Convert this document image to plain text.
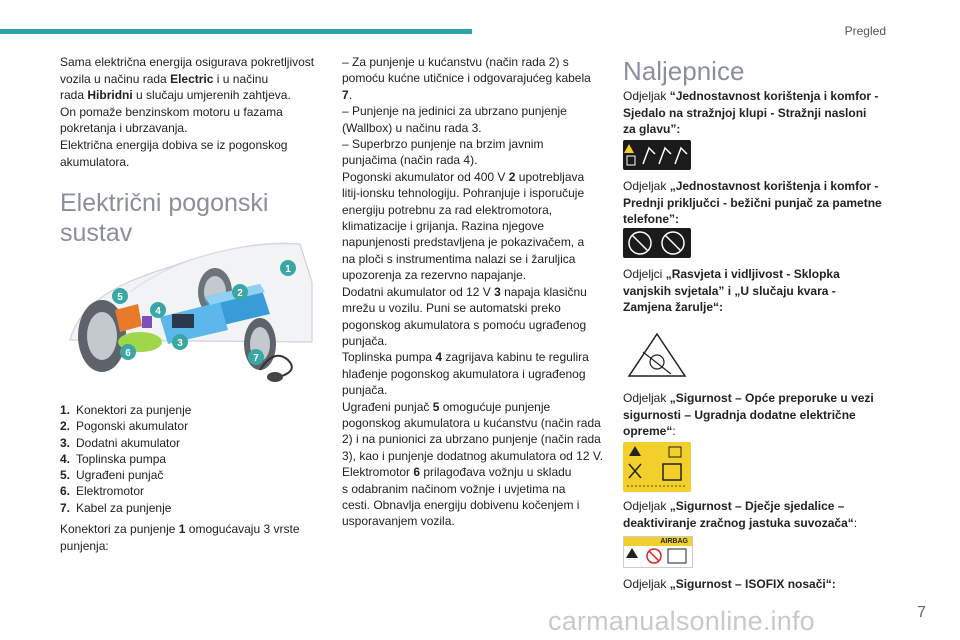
Pregled

Sama električna energija osigurava pokretljivost
vozila u načinu rada Electric i u načinu
rada Hibridni u slučaju umjerenih zahtjeva.
On pomaže benzinskom motoru u fazama
pokretanja i ubrzavanja.
Električna energija dobiva se iz pogonskog
akumulatora.

Električni pogonski sustav
1. Konektori za punjenje
2. Pogonski akumulator
3. Dodatni akumulator
4. Toplinska pumpa
5. Ugrađeni punjač
6. Elektromotor
7. Kabel za punjenje

Konektori za punjenje 1 omogućavaju 3 vrste
punjenja:

1
2
3
4
5
6	7
– Za punjenje u kućanstvu (način rada 2) s
pomoću kućne utičnice i odgovarajućeg kabela
7.
– Punjenje na jedinici za ubrzano punjenje
(Wallbox) u načinu rada 3.
– Superbrzo punjenje na brzim javnim
punjačima (način rada 4).
Pogonski akumulator od 400 V 2 upotrebljava
litij-ionsku tehnologiju. Pohranjuje i isporučuje
energiju potrebnu za rad elektromotora,
klimatizacije i grijanja. Razina njegove
napunjenosti predstavljena je pokazivačem, a
na ploči s instrumentima nalazi se i žaruljica
upozorenja za rezervno napajanje.
Dodatni akumulator od 12 V 3 napaja klasičnu
mrežu u vozilu. Puni se automatski preko
pogonskog akumulatora s pomoću ugrađenog
punjača.
Toplinska pumpa 4 zagrijava kabinu te regulira
hlađenje pogonskog akumulatora i ugrađenog
punjača.
Ugrađeni punjač 5 omogućuje punjenje
pogonskog akumulatora u kućanstvu (način rada
2) i na punionici za ubrzano punjenje (način rada
3), kao i punjenje dodatnog akumulatora od 12 V.
Elektromotor 6 prilagođava vožnju u skladu
s odabranim načinom vožnje i uvjetima na
cesti. Obnavlja energiju dobivenu kočenjem i
usporavanjem vozila.
Naljepnice

Odjeljak “Jednostavnost korištenja i komfor -
Sjedalo na stražnjoj klupi - Stražnji nasloni
za glavu”:

Odjeljak „Jednostavnost korištenja i komfor -
Prednji priključci - bežični punjač za pametne
telefone”:

Odjeljci „Rasvjeta i vidljivost - Sklopka
vanjskih svjetala” i „U slučaju kvara -
Zamjena žarulje“:

Odjeljak „Sigurnost – Opće preporuke u vezi
sigurnosti – Ugradnja dodatne električne
opreme“:

Odjeljak „Sigurnost – Dječje sjedalice –
deaktiviranje zračnog jastuka suvozača“:

AIRBAG

Odjeljak „Sigurnost – ISOFIX nosači“:

carmanualsonline.info	7
